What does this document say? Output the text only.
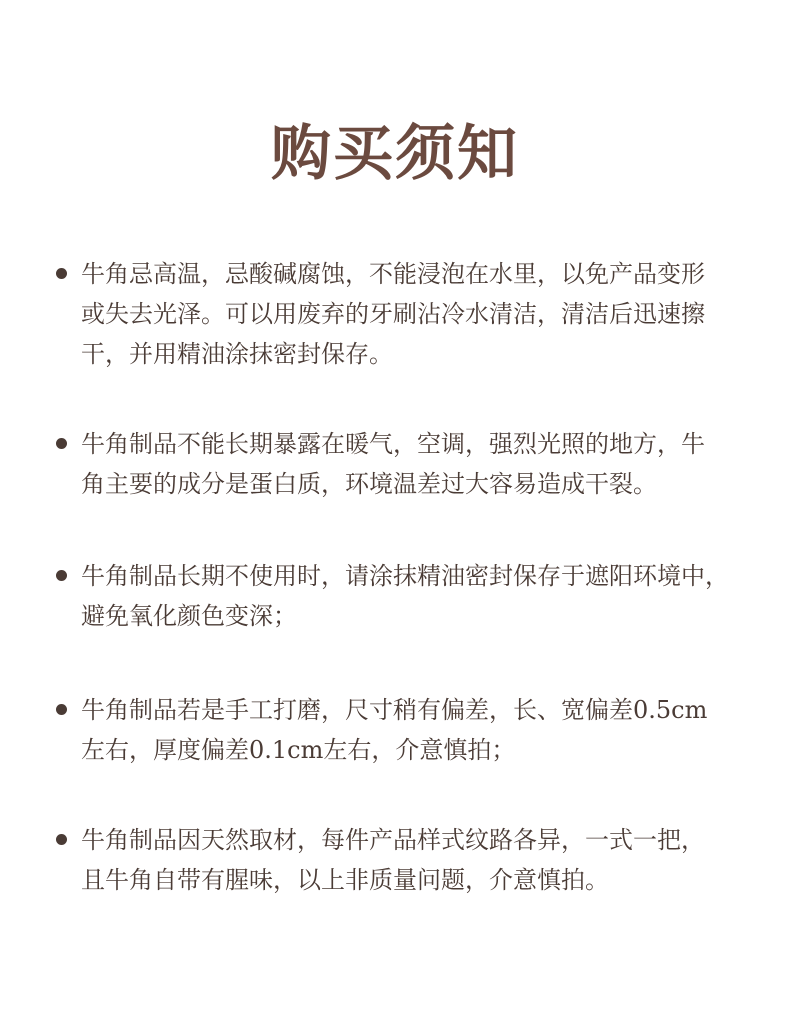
购买须知
牛角忌高温，忌酸碱腐蚀，不能浸泡在水里，以免产品变形
或失去光泽。可以用废弃的牙刷沾冷水清洁，清洁后迅速擦
干，并用精油涂抹密封保存。
牛角制品不能长期暴露在暖气，空调，强烈光照的地方，牛
角主要的成分是蛋白质，环境温差过大容易造成干裂。
牛角制品长期不使用时，请涂抹精油密封保存于遮阳环境中，
避免氧化颜色变深；
牛角制品若是手工打磨，尺寸稍有偏差，长、宽偏差0.5cm
左右，厚度偏差0.1cm左右，介意慎拍；
牛角制品因天然取材，每件产品样式纹路各异，一式一把，
且牛角自带有腥味，以上非质量问题，介意慎拍。
